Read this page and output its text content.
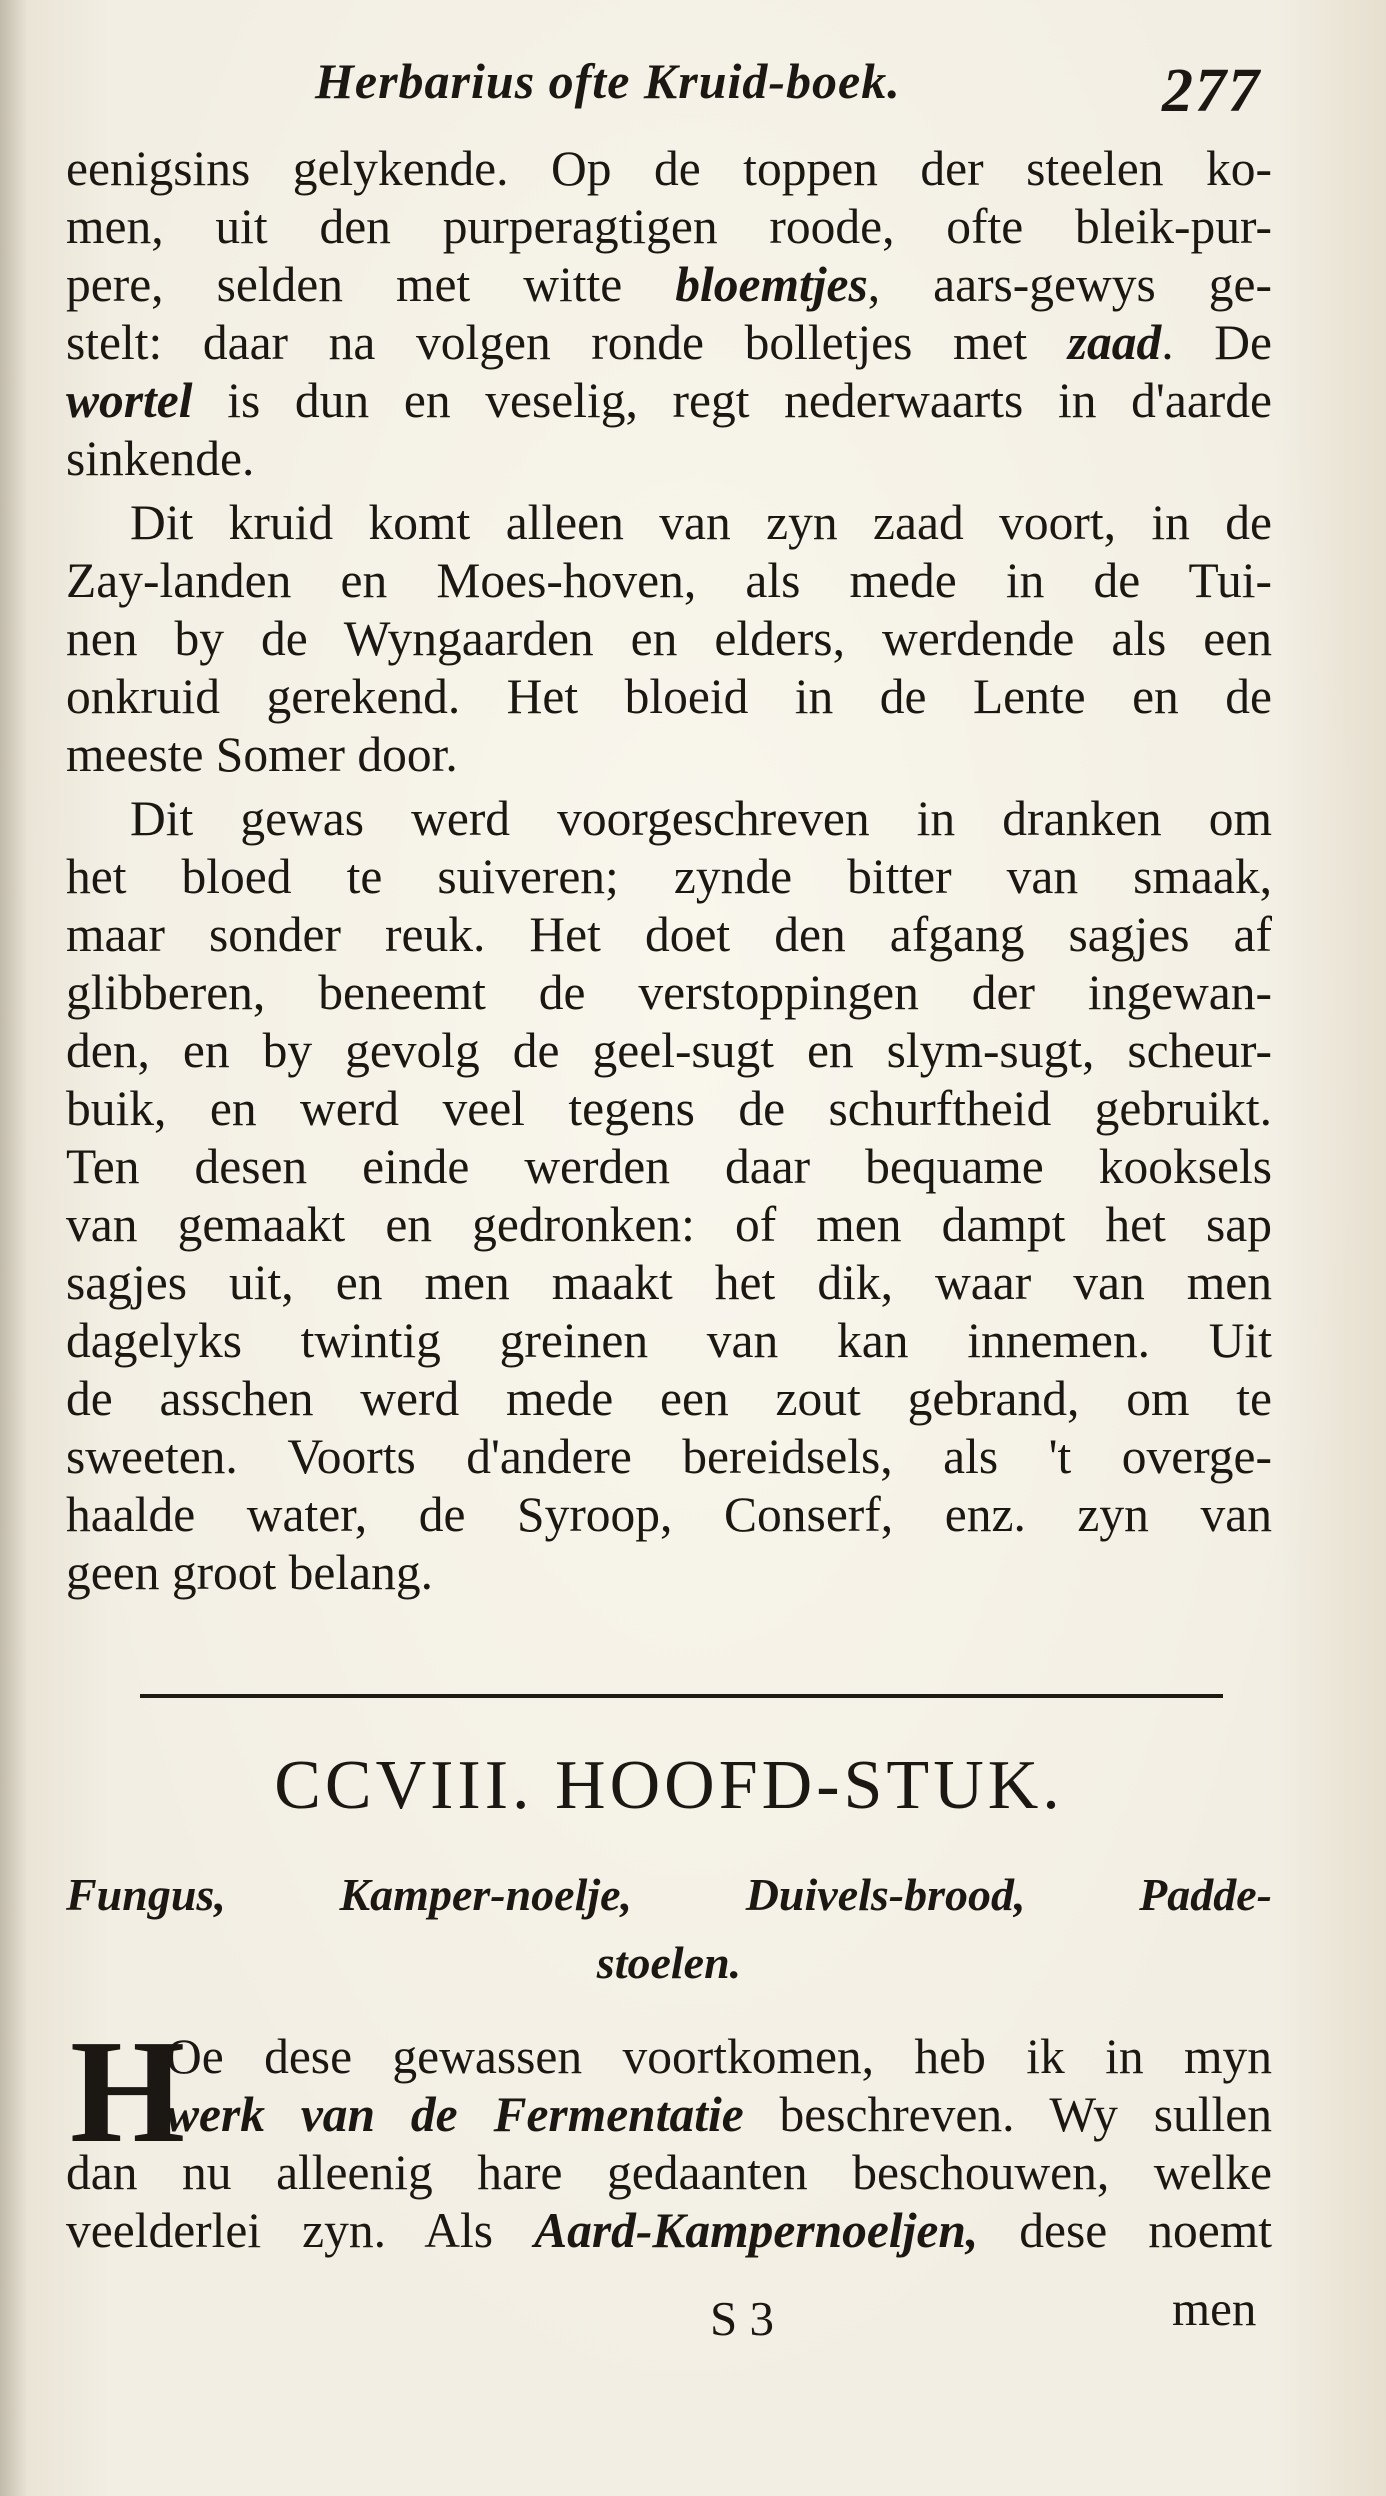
Herbarius ofte Kruid-boek.	277
eenigsins gelykende. Op de toppen der steelen ko-
men, uit den purperagtigen roode, ofte bleik-pur-
pere, selden met witte bloemtjes, aars-gewys ge-
stelt: daar na volgen ronde bolletjes met zaad. De
wortel is dun en veselig, regt nederwaarts in d'aarde
sinkende.
Dit kruid komt alleen van zyn zaad voort, in de
Zay-landen en Moes-hoven, als mede in de Tui-
nen by de Wyngaarden en elders, werdende als een
onkruid gerekend. Het bloeid in de Lente en de
meeste Somer door.
Dit gewas werd voorgeschreven in dranken om
het bloed te suiveren; zynde bitter van smaak,
maar sonder reuk. Het doet den afgang sagjes af
glibberen, beneemt de verstoppingen der ingewan-
den, en by gevolg de geel-sugt en slym-sugt, scheur-
buik, en werd veel tegens de schurftheid gebruikt.
Ten desen einde werden daar bequame kooksels
van gemaakt en gedronken: of men dampt het sap
sagjes uit, en men maakt het dik, waar van men
dagelyks twintig greinen van kan innemen. Uit
de asschen werd mede een zout gebrand, om te
sweeten. Voorts d'andere bereidsels, als 't overge-
haalde water, de Syroop, Conserf, enz. zyn van
geen groot belang.
CCVIII. HOOFD-STUK.
Fungus, Kamper-noelje, Duivels-brood, Padde-
stoelen.
H
Oe dese gewassen voortkomen, heb ik in myn
werk van de Fermentatie beschreven. Wy sullen
dan nu alleenig hare gedaanten beschouwen, welke
veelderlei zyn. Als Aard-Kampernoeljen, dese noemt
S 3	men
